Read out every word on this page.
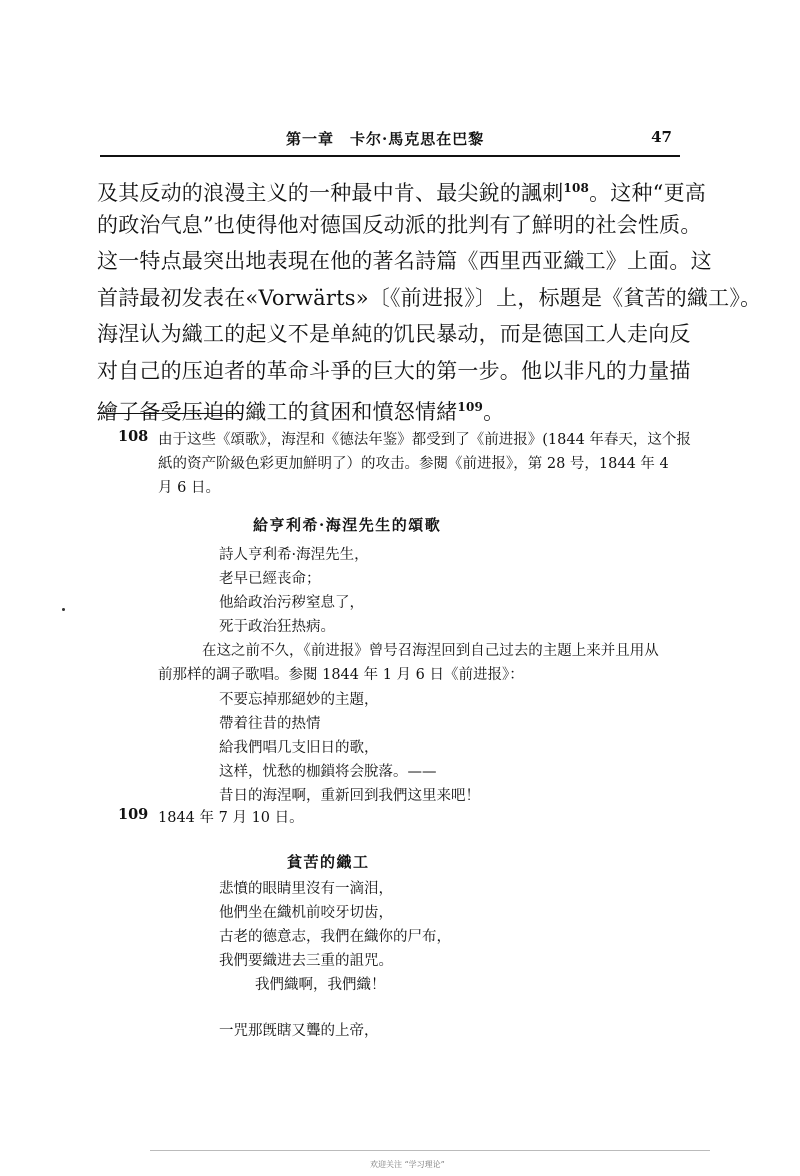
第一章　卡尔·馬克思在巴黎	47
及其反动的浪漫主义的一种最中肯、最尖銳的諷刺$^{108}$。这种“更高
的政治气息”也使得他对德国反动派的批判有了鮮明的社会性质。
这一特点最突出地表現在他的著名詩篇《西里西亚織工》上面。这
首詩最初发表在«Vorwärts»〔《前进报》〕上，标題是《貧苦的織工》。
海涅认为織工的起义不是单純的饥民暴动，而是德国工人走向反
对自己的压迫者的革命斗爭的巨大的第一步。他以非凡的力量描
繪了备受压迫的織工的貧困和憤怒情緒$^{109}$。
108 由于这些《頌歌》，海涅和《德法年鉴》都受到了《前进报》(1844 年春天，这个报
紙的资产阶級色彩更加鮮明了）的攻击。参閱《前进报》，第 28 号，1844 年 4
月 6 日。
給亨利希·海涅先生的頌歌
詩人亨利希·海涅先生，
老早已經丧命；
他給政治污秽窒息了，
死于政治狂热病。
在这之前不久，《前进报》曾号召海涅回到自己过去的主題上来并且用从
前那样的調子歌唱。参閱 1844 年 1 月 6 日《前进报》：
不要忘掉那絕妙的主題，
帶着往昔的热情
給我們唱几支旧日的歌，
这样，忧愁的枷鎖将会脫落。——
昔日的海涅啊，重新回到我們这里来吧！
109 1844 年 7 月 10 日。
貧苦的織工
悲憤的眼睛里沒有一滴泪，
他們坐在織机前咬牙切齿，
古老的德意志，我們在織你的尸布，
我們要織进去三重的詛咒。
我們織啊，我們織！
一咒那旣瞎又聾的上帝，
欢迎关注 “学习理论”
